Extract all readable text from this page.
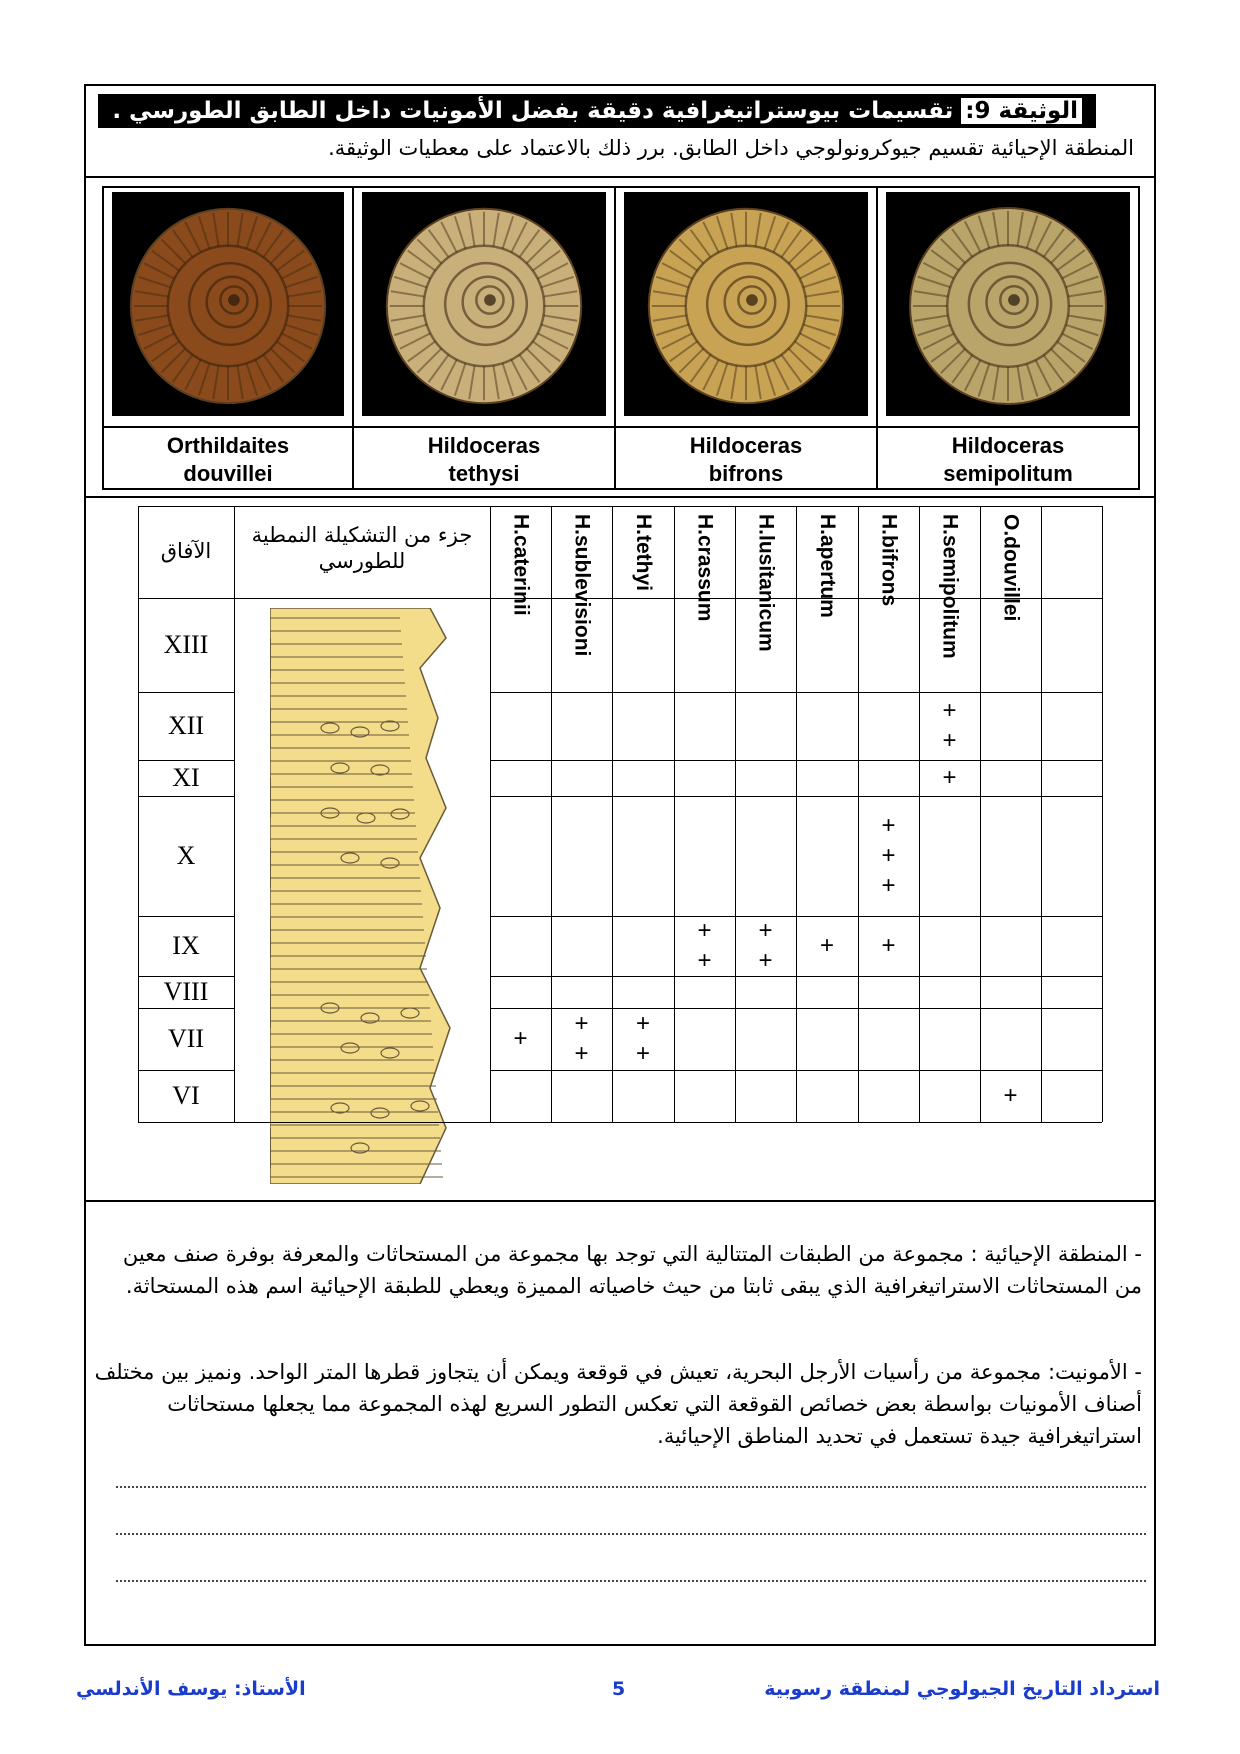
الوثيقة 9: تقسيمات بيوستراتيغرافية دقيقة بفضل الأمونيات داخل الطابق الطورسي .
المنطقة الإحيائية تقسيم جيوكرونولوجي داخل الطابق. برر ذلك بالاعتماد على معطيات الوثيقة.
Orthildaites
douvillei
Hildoceras
tethysi
Hildoceras
bifrons
Hildoceras
semipolitum
الآفاق
جزء من التشكيلة النمطية للطورسي	H.caterinii H.sublevisioni H.tethyi H.crassum H.lusitanicum H.apertum H.bifrons H.semipolitum O.douvillei
XIII
XII
XI
X
IX
VIII
VII
VI
+
+
+
+
+
+
+
+
+
+
+
+
+
+
+
+
+
+
- المنطقة الإحيائية : مجموعة من الطبقات المتتالية التي توجد بها مجموعة من المستحاثات والمعرفة بوفرة صنف معين من المستحاثات الاستراتيغرافية الذي يبقى ثابتا من حيث خاصياته المميزة ويعطي للطبقة الإحيائية اسم هذه المستحاثة.
- الأمونيت: مجموعة من رأسيات الأرجل البحرية، تعيش في قوقعة ويمكن أن يتجاوز قطرها المتر الواحد. ونميز بين مختلف أصناف الأمونيات بواسطة بعض خصائص القوقعة التي تعكس التطور السريع لهذه المجموعة مما يجعلها مستحاثات استراتيغرافية جيدة تستعمل في تحديد المناطق الإحيائية.
استرداد التاريخ الجيولوجي لمنطقة رسوبية
5
الأستاذ: يوسف الأندلسي
